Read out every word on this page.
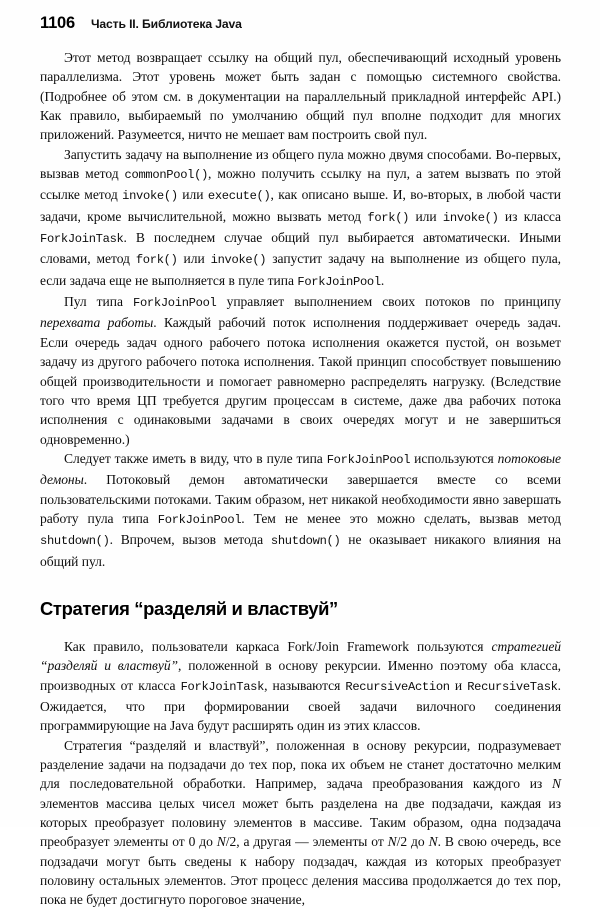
1106 Часть II. Библиотека Java

Этот метод возвращает ссылку на общий пул, обеспечивающий исходный уровень параллелизма. Этот уровень может быть задан с помощью системного свойства. (Подробнее об этом см. в документации на параллельный прикладной интерфейс API.) Как правило, выбираемый по умолчанию общий пул вполне подходит для многих приложений. Разумеется, ничто не мешает вам построить свой пул.

Запустить задачу на выполнение из общего пула можно двумя способами. Во-первых, вызвав метод commonPool(), можно получить ссылку на пул, а затем вызвать по этой ссылке метод invoke() или execute(), как описано выше. И, во-вторых, в любой части задачи, кроме вычислительной, можно вызвать метод fork() или invoke() из класса ForkJoinTask. В последнем случае общий пул выбирается автоматически. Иными словами, метод fork() или invoke() запустит задачу на выполнение из общего пула, если задача еще не выполняется в пуле типа ForkJoinPool.

Пул типа ForkJoinPool управляет выполнением своих потоков по принципу перехвата работы. Каждый рабочий поток исполнения поддерживает очередь задач. Если очередь задач одного рабочего потока исполнения окажется пустой, он возьмет задачу из другого рабочего потока исполнения. Такой принцип способствует повышению общей производительности и помогает равномерно распределять нагрузку. (Вследствие того что время ЦП требуется другим процессам в системе, даже два рабочих потока исполнения с одинаковыми задачами в своих очередях могут и не завершиться одновременно.)

Следует также иметь в виду, что в пуле типа ForkJoinPool используются потоковые демоны. Потоковый демон автоматически завершается вместе со всеми пользовательскими потоками. Таким образом, нет никакой необходимости явно завершать работу пула типа ForkJoinPool. Тем не менее это можно сделать, вызвав метод shutdown(). Впрочем, вызов метода shutdown() не оказывает никакого влияния на общий пул.

Стратегия “разделяй и властвуй”

Как правило, пользователи каркаса Fork/Join Framework пользуются стратегией “разделяй и властвуй”, положенной в основу рекурсии. Именно поэтому оба класса, производных от класса ForkJoinTask, называются RecursiveAction и RecursiveTask. Ожидается, что при формировании своей задачи вилочного соединения программирующие на Java будут расширять один из этих классов.

Стратегия “разделяй и властвуй”, положенная в основу рекурсии, подразумевает разделение задачи на подзадачи до тех пор, пока их объем не станет достаточно мелким для последовательной обработки. Например, задача преобразования каждого из N элементов массива целых чисел может быть разделена на две подзадачи, каждая из которых преобразует половину элементов в массиве. Таким образом, одна подзадача преобразует элементы от 0 до N/2, а другая — элементы от N/2 до N. В свою очередь, все подзадачи могут быть сведены к набору подзадач, каждая из которых преобразует половину остальных элементов. Этот процесс деления массива продолжается до тех пор, пока не будет достигнуто пороговое значение,
